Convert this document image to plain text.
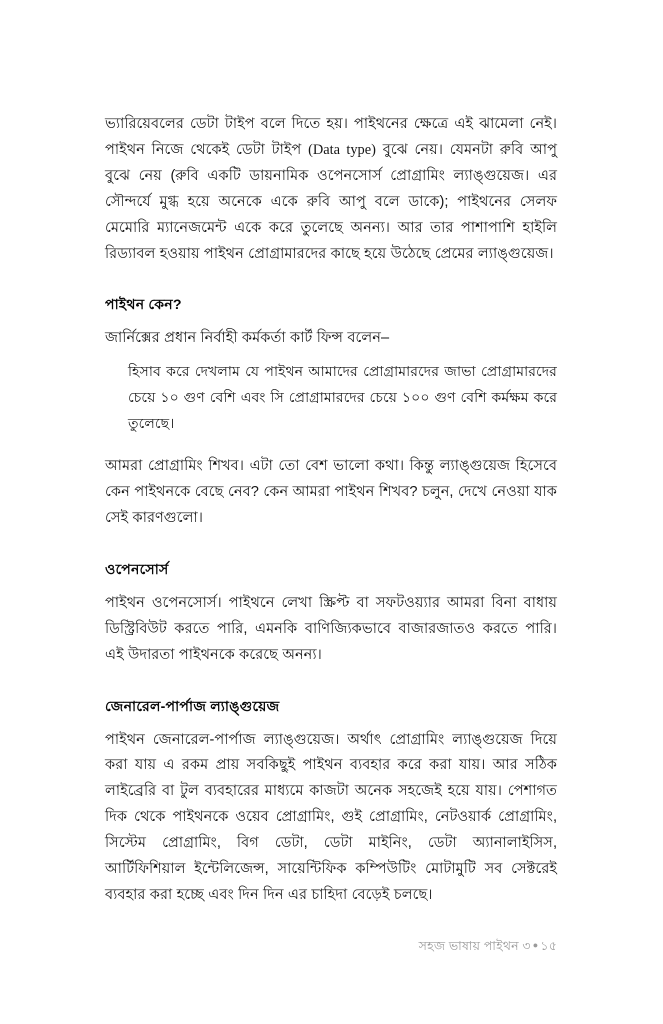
ভ্যারিয়েবলের ডেটা টাইপ বলে দিতে হয়। পাইথনের ক্ষেত্রে এই ঝামেলা নেই। পাইথন নিজে থেকেই ডেটা টাইপ (Data type) বুঝে নেয়। যেমনটা রুবি আপু বুঝে নেয় (রুবি একটি ডায়নামিক ওপেনসোর্স প্রোগ্রামিং ল্যাঙ্গুয়েজ। এর সৌন্দর্যে মুগ্ধ হয়ে অনেকে একে রুবি আপু বলে ডাকে); পাইথনের সেলফ মেমোরি ম্যানেজমেন্ট একে করে তুলেছে অনন্য। আর তার পাশাপাশি হাইলি রিড্যাবল হওয়ায় পাইথন প্রোগ্রামারদের কাছে হয়ে উঠেছে প্রেমের ল্যাঙ্গুয়েজ।

পাইথন কেন?

জার্নিক্সের প্রধান নির্বাহী কর্মকর্তা কার্ট ফিন্স বলেন–

হিসাব করে দেখলাম যে পাইথন আমাদের প্রোগ্রামারদের জাভা প্রোগ্রামারদের চেয়ে ১০ গুণ বেশি এবং সি প্রোগ্রামারদের চেয়ে ১০০ গুণ বেশি কর্মক্ষম করে তুলেছে।

আমরা প্রোগ্রামিং শিখব। এটা তো বেশ ভালো কথা। কিন্তু ল্যাঙ্গুয়েজ হিসেবে কেন পাইথনকে বেছে নেব? কেন আমরা পাইথন শিখব? চলুন, দেখে নেওয়া যাক সেই কারণগুলো।

ওপেনসোর্স

পাইথন ওপেনসোর্স। পাইথনে লেখা স্ক্রিপ্ট বা সফটওয়্যার আমরা বিনা বাধায় ডিস্ট্রিবিউট করতে পারি, এমনকি বাণিজ্যিকভাবে বাজারজাতও করতে পারি। এই উদারতা পাইথনকে করেছে অনন্য।

জেনারেল-পার্পাজ ল্যাঙ্গুয়েজ

পাইথন জেনারেল-পার্পাজ ল্যাঙ্গুয়েজ। অর্থাৎ প্রোগ্রামিং ল্যাঙ্গুয়েজ দিয়ে করা যায় এ রকম প্রায় সবকিছুই পাইথন ব্যবহার করে করা যায়। আর সঠিক লাইব্রেরি বা টুল ব্যবহারের মাধ্যমে কাজটা অনেক সহজেই হয়ে যায়। পেশাগত দিক থেকে পাইথনকে ওয়েব প্রোগ্রামিং, গুই প্রোগ্রামিং, নেটওয়ার্ক প্রোগ্রামিং, সিস্টেম প্রোগ্রামিং, বিগ ডেটা, ডেটা মাইনিং, ডেটা অ্যানালাইসিস, আর্টিফিশিয়াল ইন্টেলিজেন্স, সায়েন্টিফিক কম্পিউটিং মোটামুটি সব সেক্টরেই ব্যবহার করা হচ্ছে এবং দিন দিন এর চাহিদা বেড়েই চলছে।

সহজ ভাষায় পাইথন ৩ ● ১৫
